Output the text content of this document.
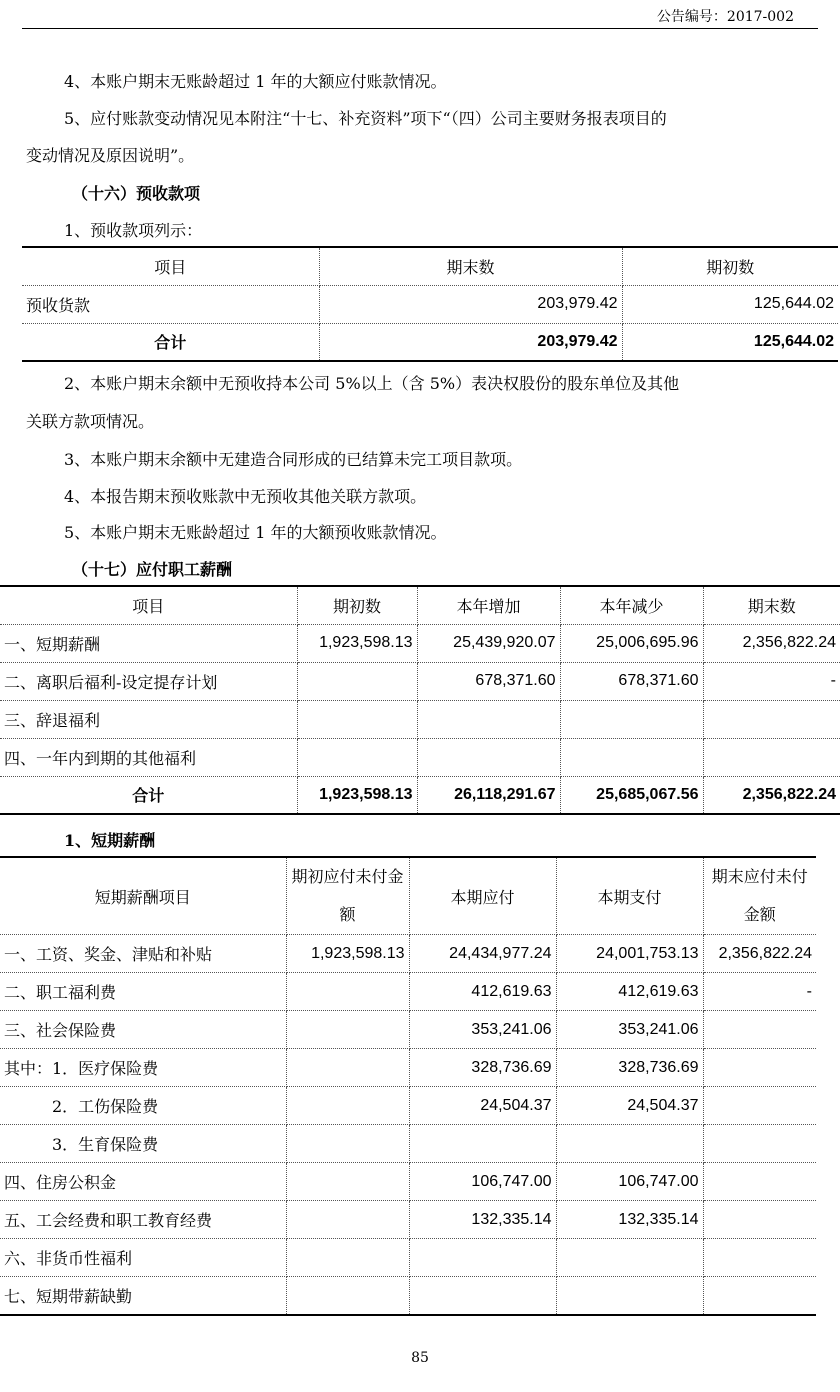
公告编号：2017-002
4、本账户期末无账龄超过 1 年的大额应付账款情况。
5、应付账款变动情况见本附注“十七、补充资料”项下“（四）公司主要财务报表项目的
变动情况及原因说明”。
（十六）预收款项
1、预收款项列示：
项目	期末数	期初数
预收货款	203,979.42	125,644.02
合计	203,979.42	125,644.02
2、本账户期末余额中无预收持本公司 5%以上（含 5%）表决权股份的股东单位及其他
关联方款项情况。
3、本账户期末余额中无建造合同形成的已结算未完工项目款项。
4、本报告期末预收账款中无预收其他关联方款项。
5、本账户期末无账龄超过 1 年的大额预收账款情况。
（十七）应付职工薪酬
项目	期初数	本年增加	本年减少	期末数
一、短期薪酬	1,923,598.13	25,439,920.07	25,006,695.96	2,356,822.24
二、离职后福利-设定提存计划		678,371.60	678,371.60	-
三、辞退福利				
四、一年内到期的其他福利				
合计	1,923,598.13	26,118,291.67	25,685,067.56	2,356,822.24
1、短期薪酬
短期薪酬项目	期初应付未付金额	本期应付	本期支付	期末应付未付金额
一、工资、奖金、津贴和补贴	1,923,598.13	24,434,977.24	24,001,753.13	2,356,822.24
二、职工福利费		412,619.63	412,619.63	-
三、社会保险费		353,241.06	353,241.06	
其中：1．医疗保险费		328,736.69	328,736.69	
　　　2．工伤保险费		24,504.37	24,504.37	
　　　3．生育保险费				
四、住房公积金		106,747.00	106,747.00	
五、工会经费和职工教育经费		132,335.14	132,335.14	
六、非货币性福利				
七、短期带薪缺勤				
85
